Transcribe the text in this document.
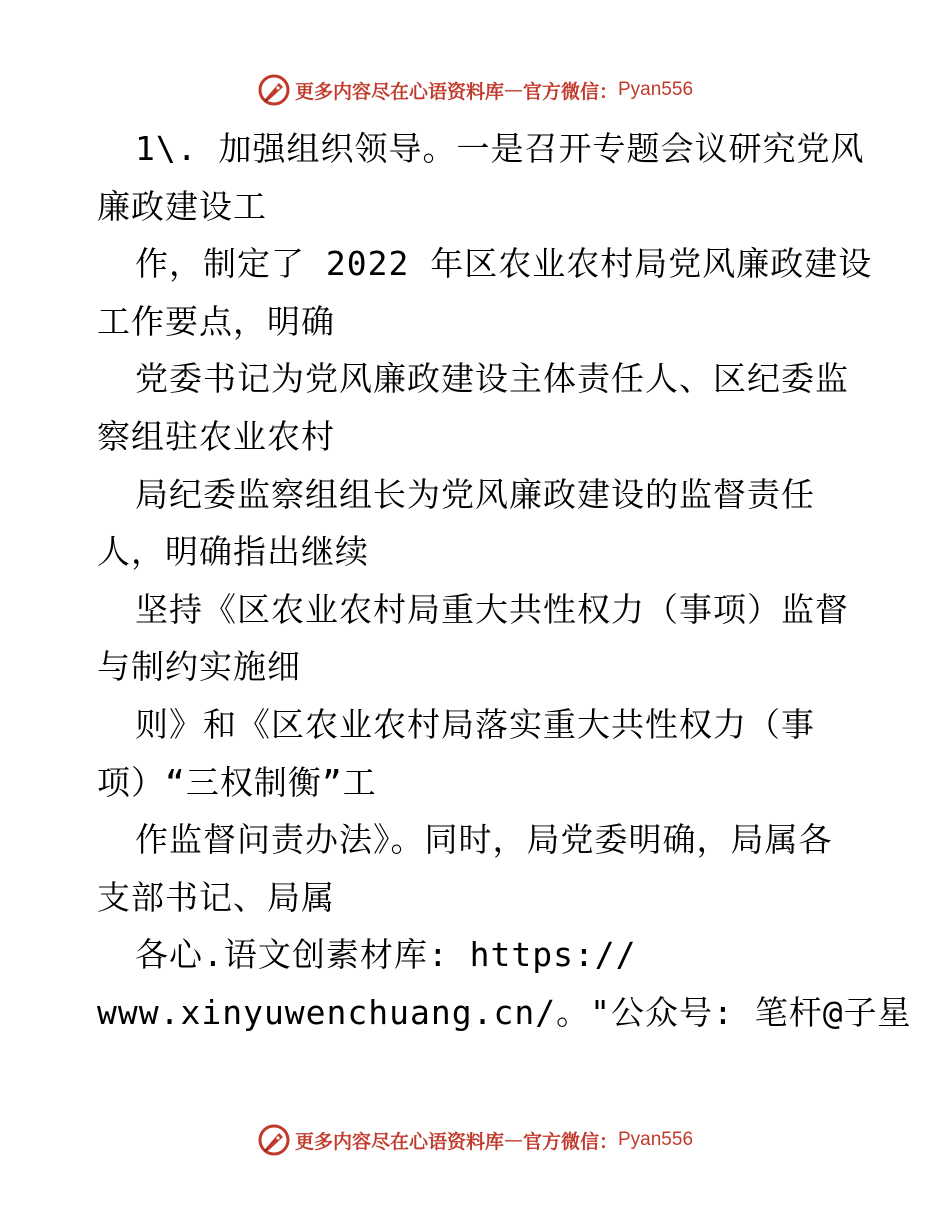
更多内容尽在心语资料库 — 官方微信： Pyan556
1\. 加强组织领导。一是召开专题会议研究党风
廉政建设工
作，制定了 2022 年区农业农村局党风廉政建设
工作要点，明确
党委书记为党风廉政建设主体责任人、区纪委监
察组驻农业农村
局纪委监察组组长为党风廉政建设的监督责任
人，明确指出继续
坚持《区农业农村局重大共性权力（事项）监督
与制约实施细
则》和《区农业农村局落实重大共性权力（事
项）“三权制衡”工
作监督问责办法》。同时，局党委明确，局属各
支部书记、局属
各心.语文创素材库: https://
www.xinyuwenchuang.cn/。"公众号: 笔杆@子星
更多内容尽在心语资料库 — 官方微信： Pyan556
